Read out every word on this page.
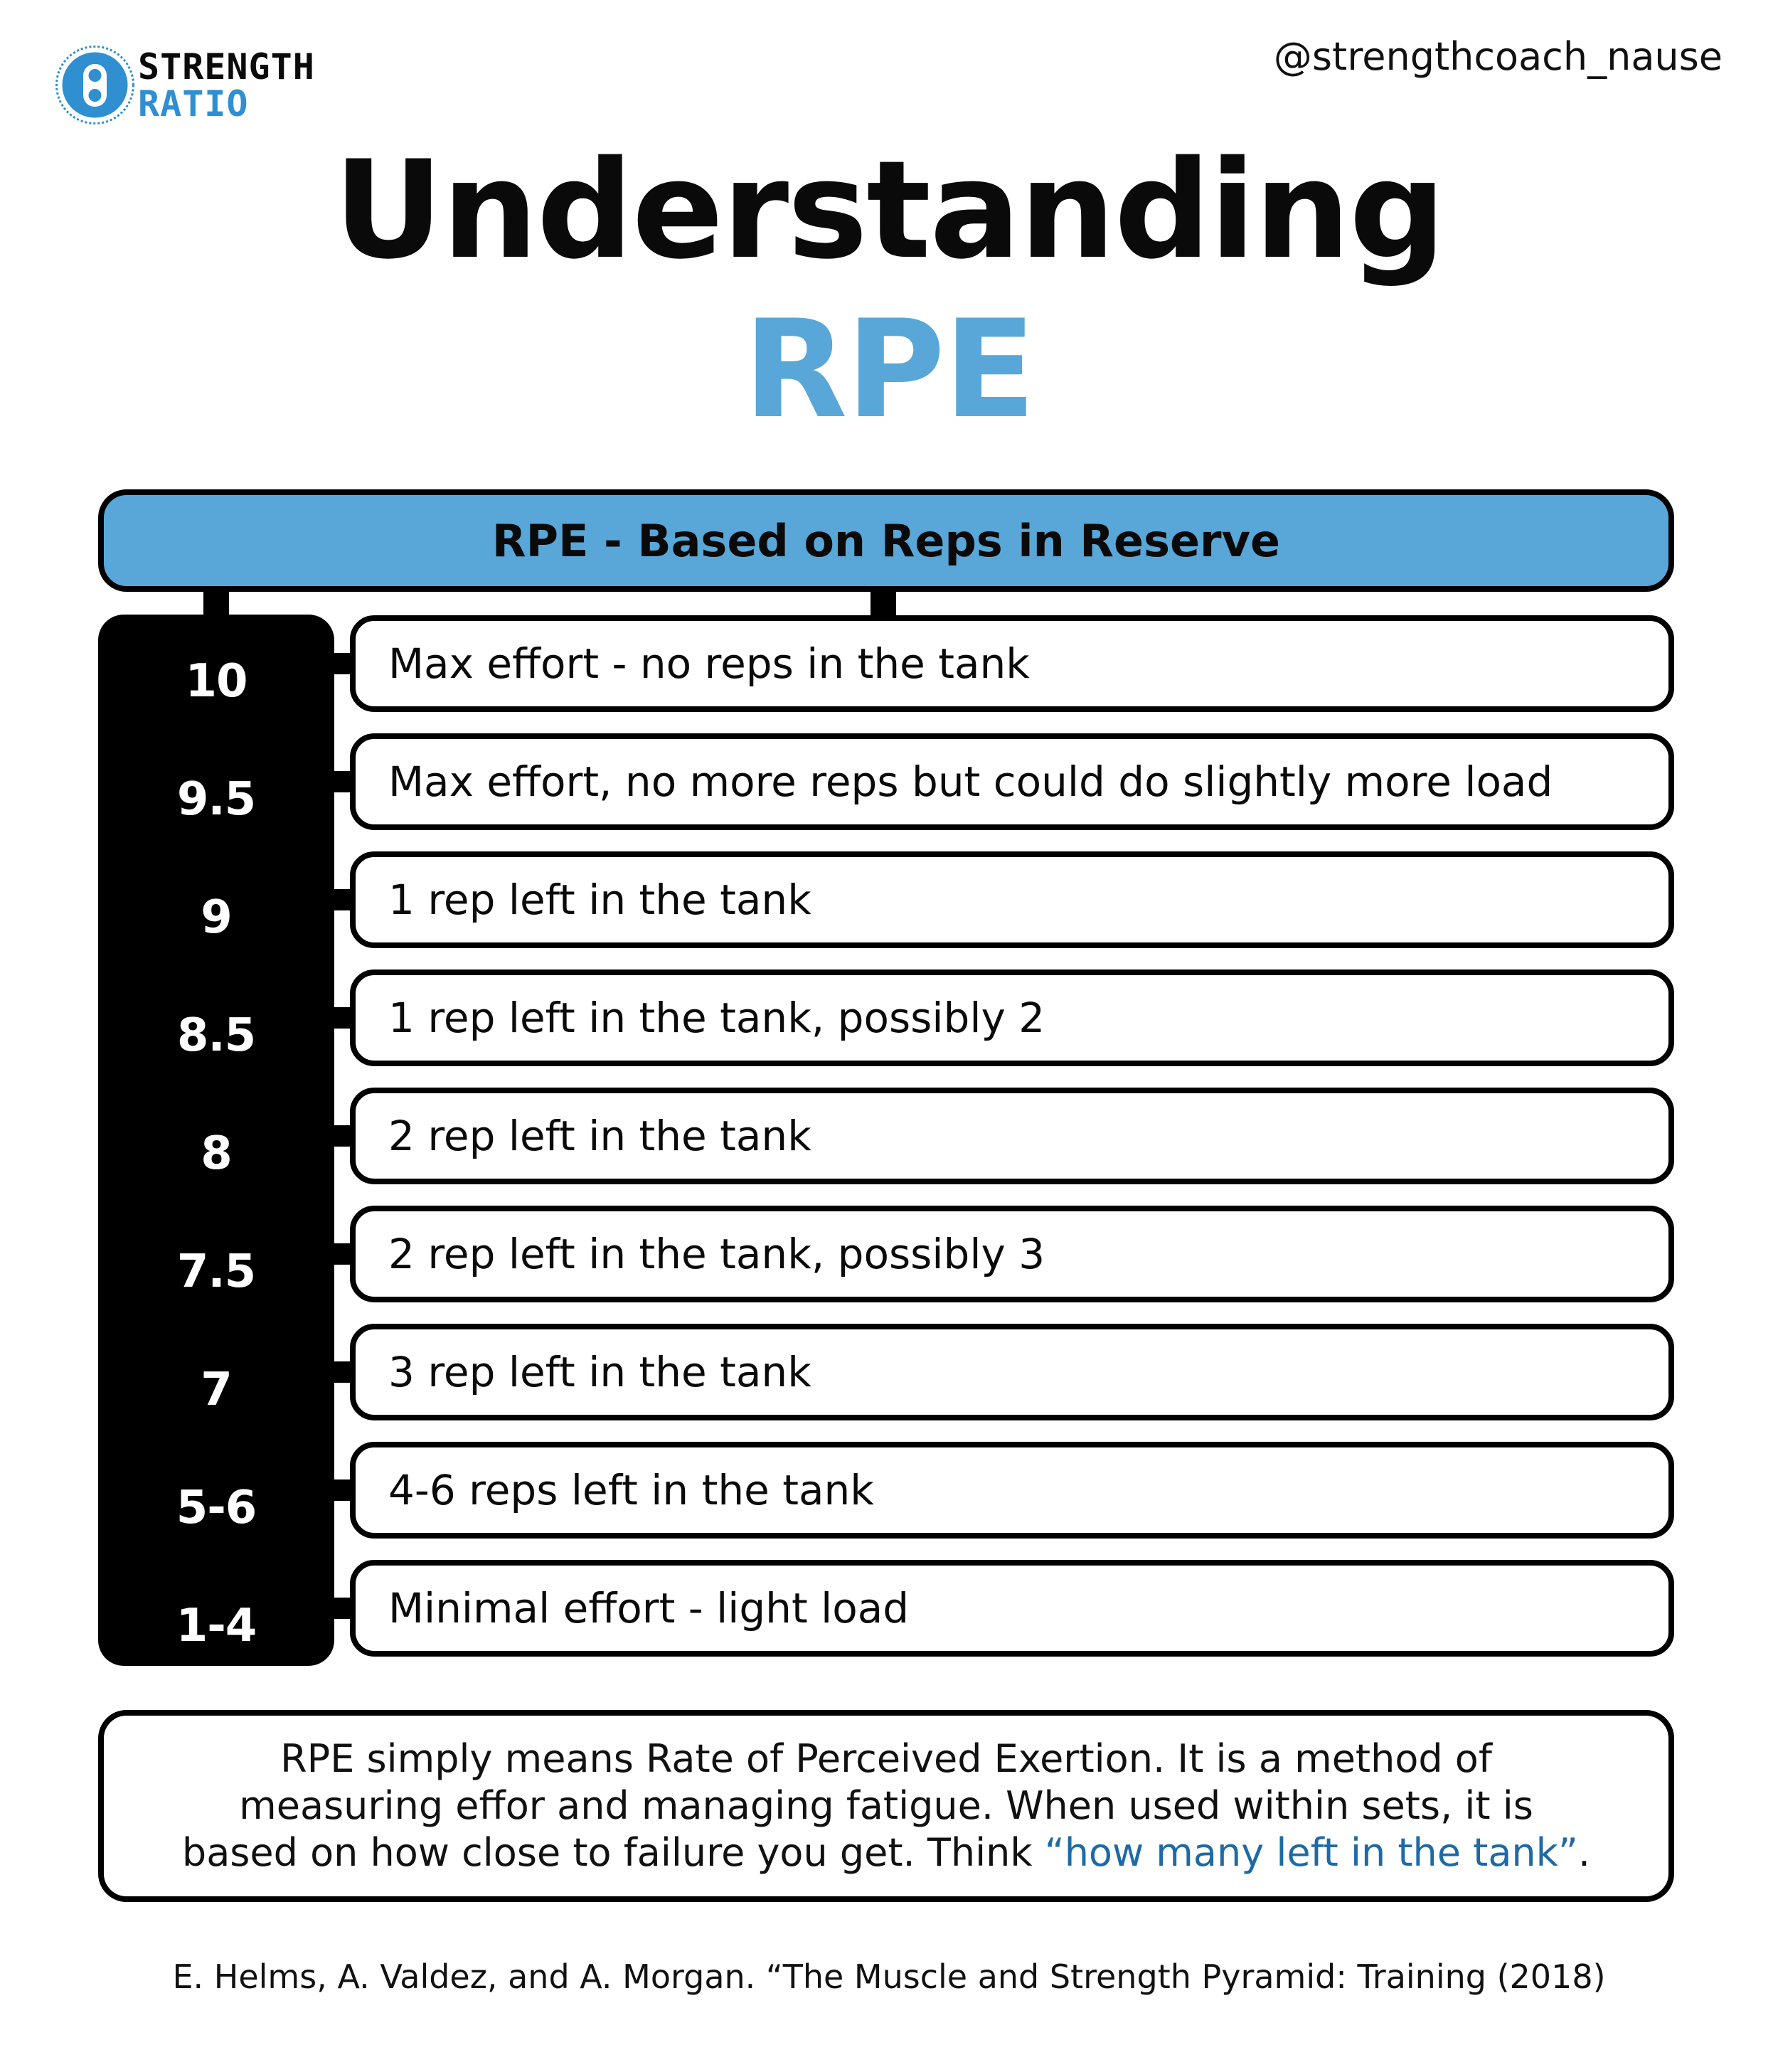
STRENGTH
RATIO
@strengthcoach_nause
Understanding
RPE
RPE - Based on Reps in Reserve
10
9.5
9
8.5
8
7.5
7
5-6
1-4
Max effort - no reps in the tank
Max effort, no more reps but could do slightly more load
1 rep left in the tank
1 rep left in the tank, possibly 2
2 rep left in the tank
2 rep left in the tank, possibly 3
3 rep left in the tank
4-6 reps left in the tank
Minimal effort - light load
RPE simply means Rate of Perceived Exertion. It is a method of
measuring effor and managing fatigue. When used within sets, it is
based on how close to failure you get. Think “how many left in the tank”.
E. Helms, A. Valdez, and A. Morgan. “The Muscle and Strength Pyramid: Training (2018)
